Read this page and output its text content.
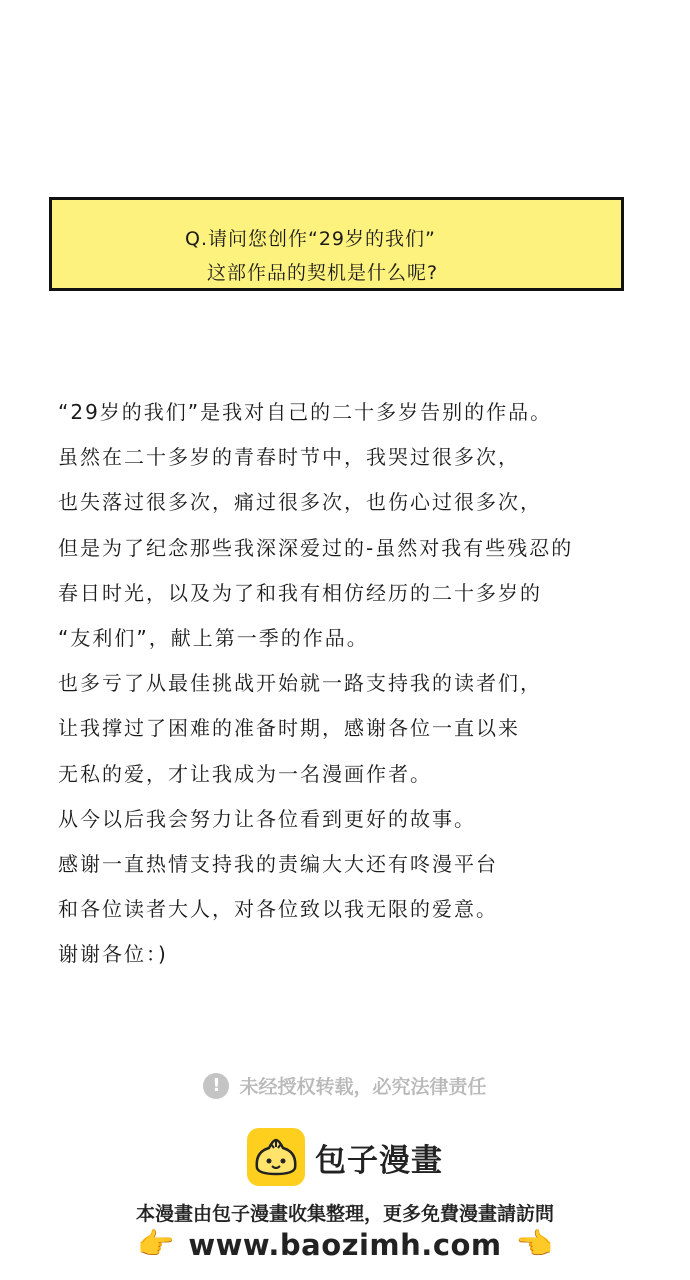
Q.请问您创作“29岁的我们”
这部作品的契机是什么呢?

“29岁的我们”是我对自己的二十多岁告别的作品。

虽然在二十多岁的青春时节中，我哭过很多次，

也失落过很多次，痛过很多次，也伤心过很多次，

但是为了纪念那些我深深爱过的-虽然对我有些残忍的

春日时光，以及为了和我有相仿经历的二十多岁的

“友利们”，献上第一季的作品。

也多亏了从最佳挑战开始就一路支持我的读者们，

让我撑过了困难的准备时期，感谢各位一直以来

无私的爱，才让我成为一名漫画作者。

从今以后我会努力让各位看到更好的故事。

感谢一直热情支持我的责编大大还有咚漫平台

和各位读者大人，对各位致以我无限的爱意。

谢谢各位：)

! 未经授权转载，必究法律责任
包子漫畫
本漫畫由包子漫畫收集整理，更多免費漫畫請訪問
👉 www.baozimh.com 👈
